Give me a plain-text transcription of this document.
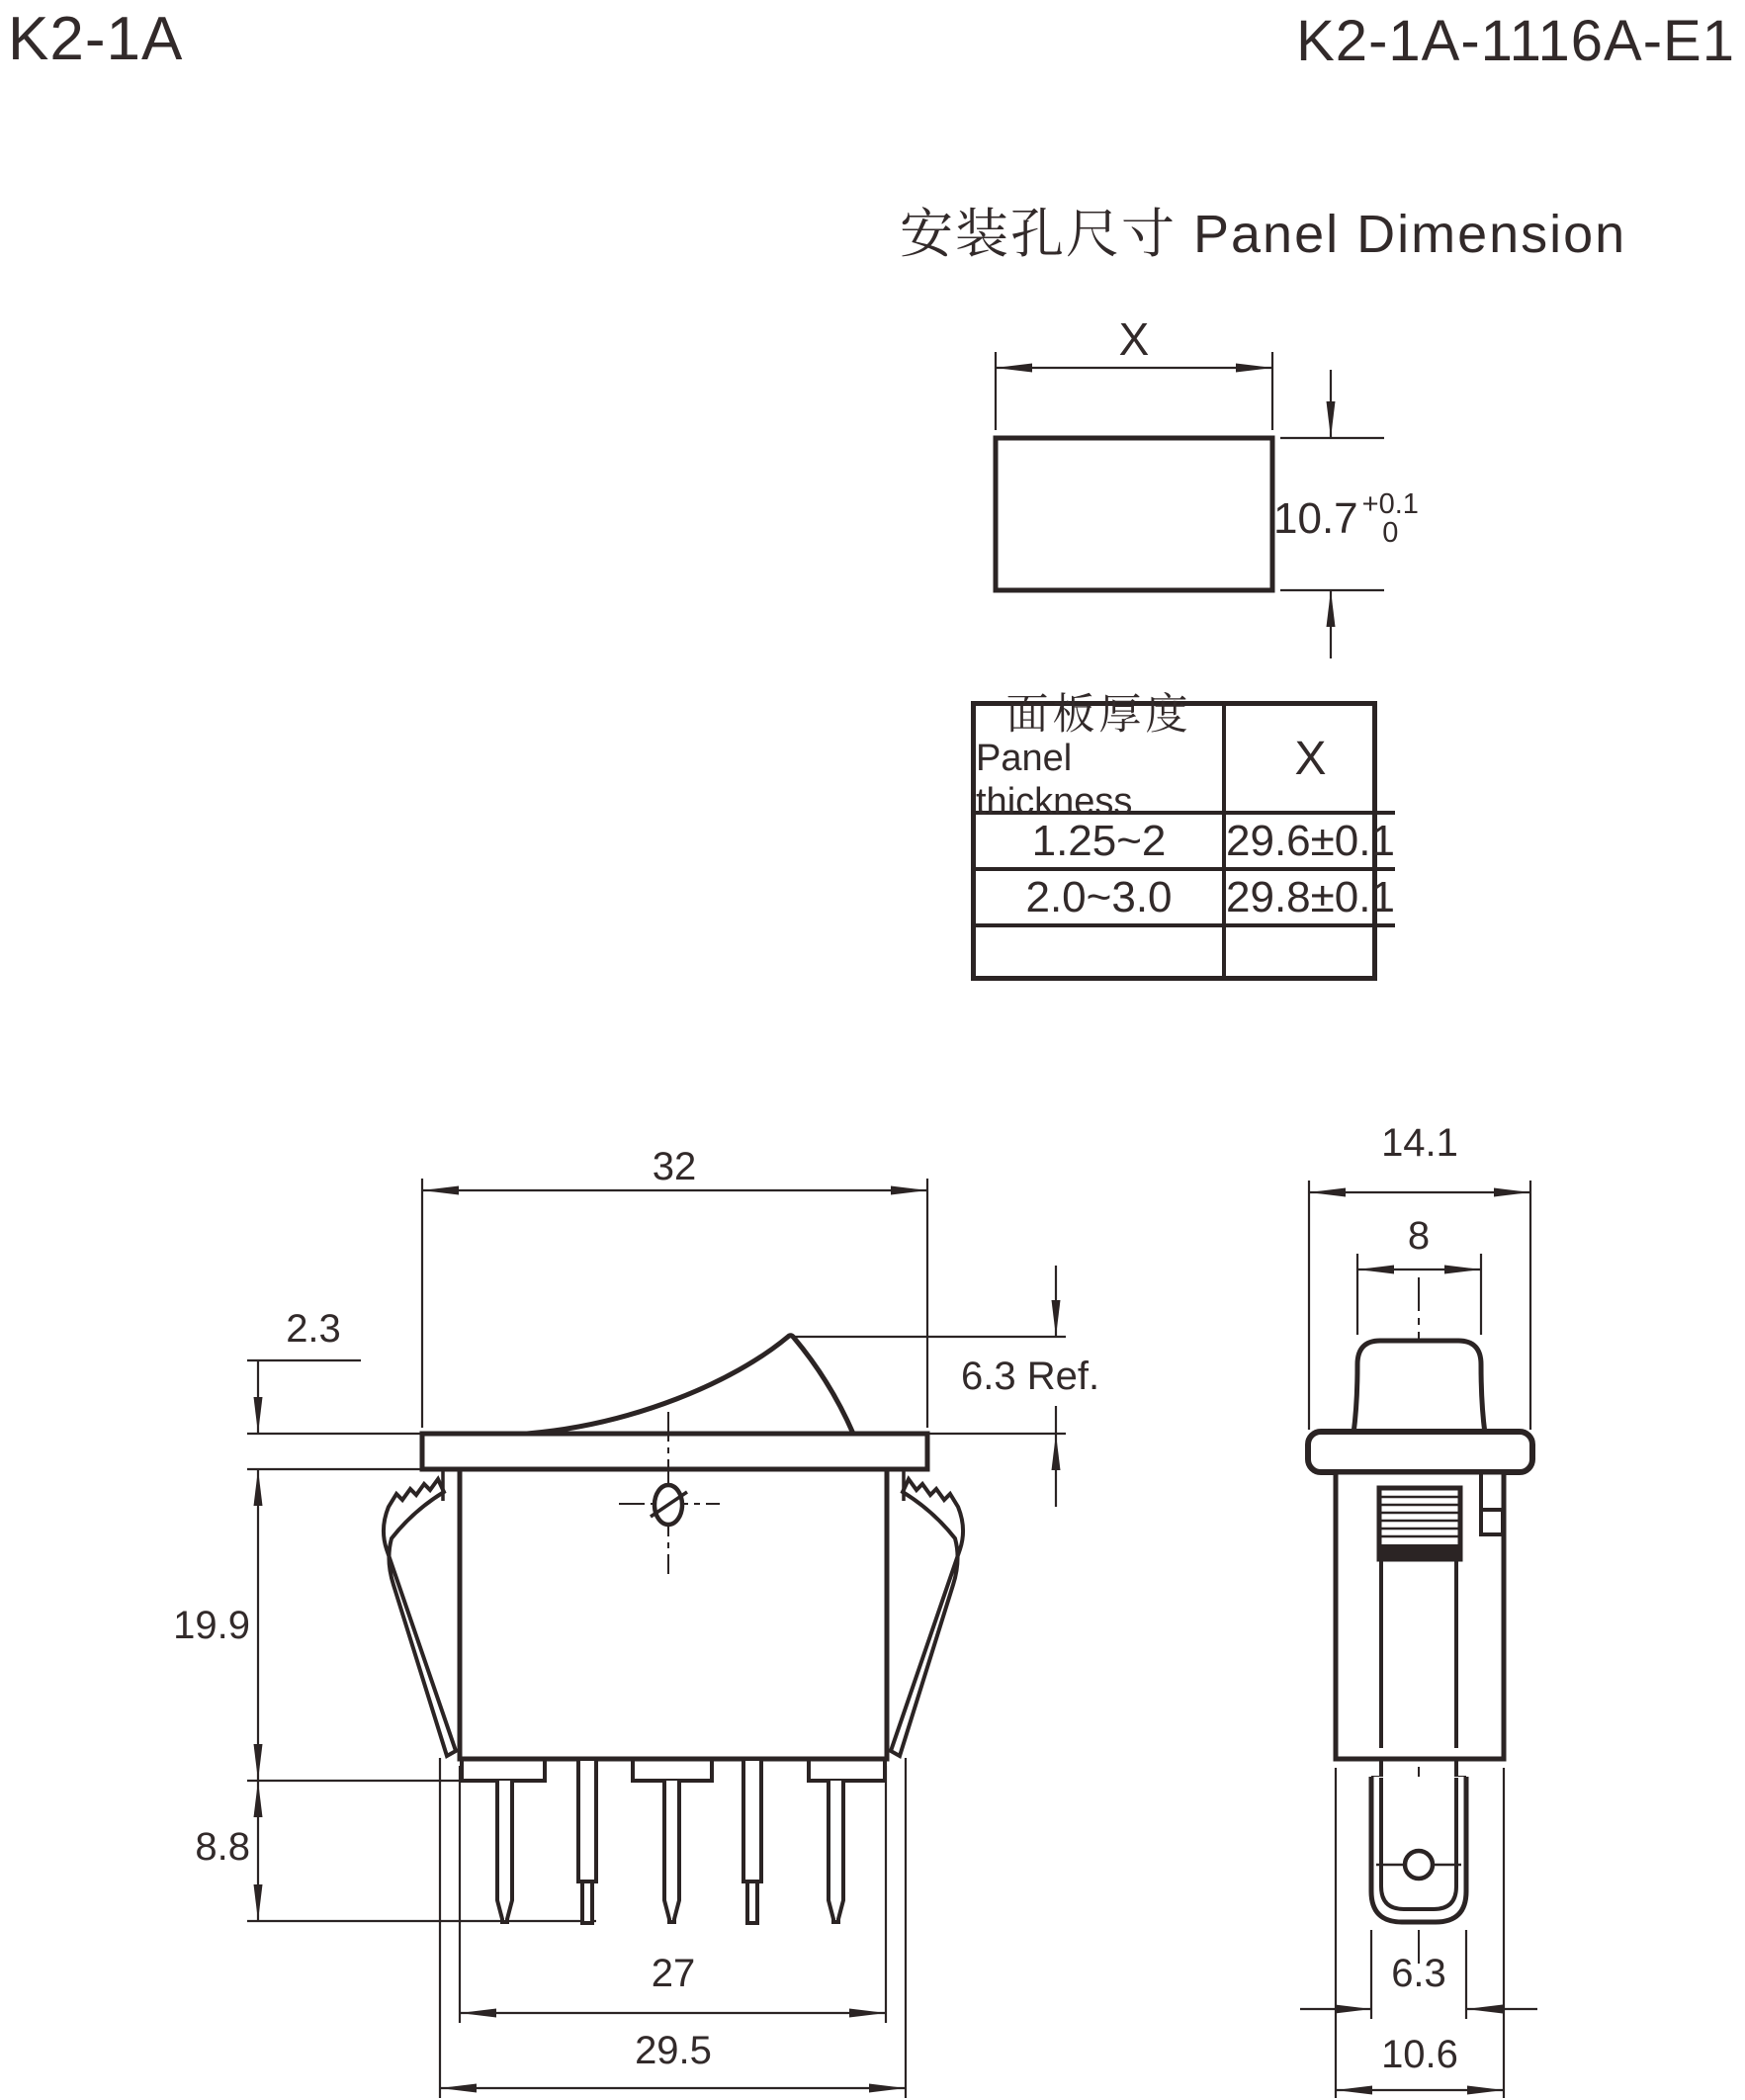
K2-1A	K2-1A-1116A-E1
安装孔尺寸 Panel Dimension
X
10.7 +0.1
0
面板厚度
Panel thickness
X
1.25~2 29.6±0.1
2.0~3.0 29.8±0.1
32
2.3
6.3 Ref.
19.9
8.8
27
29.5
14.1
8
6.3
10.6
